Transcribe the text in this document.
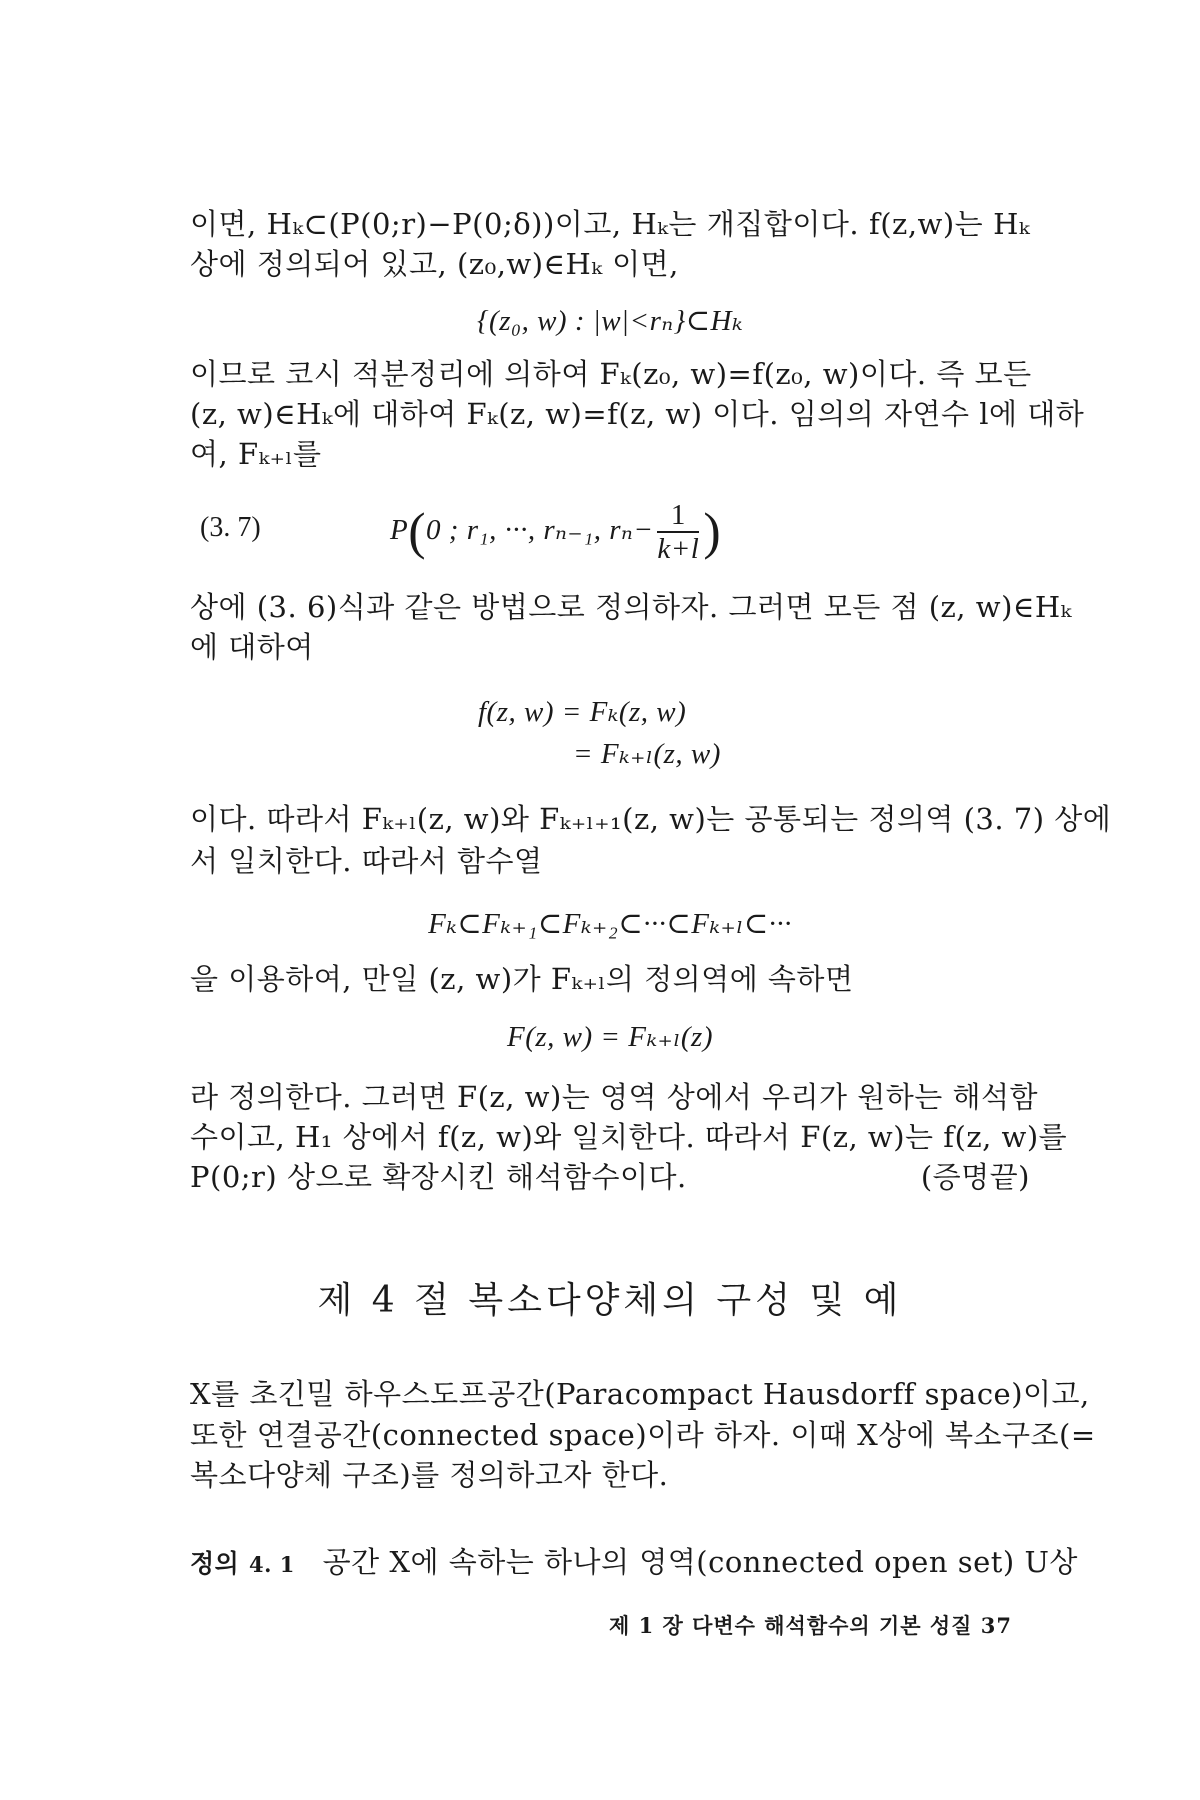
이면, Hₖ⊂(P(0;r)−P(0;δ))이고, Hₖ는 개집합이다. f(z,w)는 Hₖ
상에 정의되어 있고, (z₀,w)∈Hₖ 이면,
{(z₀, w) : |w|<rₙ}⊂Hₖ
이므로 코시 적분정리에 의하여 Fₖ(z₀, w)=f(z₀, w)이다. 즉 모든
(z, w)∈Hₖ에 대하여 Fₖ(z, w)=f(z, w) 이다. 임의의 자연수 l에 대하
여, Fₖ₊ₗ를
(3. 7)	P(0 ; r₁, ···, rₙ₋₁, $r_n- \frac{1}{k+l}$ )
상에 (3. 6)식과 같은 방법으로 정의하자. 그러면 모든 점 (z, w)∈Hₖ
에 대하여
f(z, w) = Fₖ(z, w)
= Fₖ₊ₗ(z, w)
이다. 따라서 Fₖ₊ₗ(z, w)와 Fₖ₊ₗ₊₁(z, w)는 공통되는 정의역 (3. 7) 상에
서 일치한다. 따라서 함수열
Fₖ⊂Fₖ₊₁⊂Fₖ₊₂⊂···⊂Fₖ₊ₗ⊂···
을 이용하여, 만일 (z, w)가 Fₖ₊ₗ의 정의역에 속하면
F(z, w) = Fₖ₊ₗ(z)
라 정의한다. 그러면 F(z, w)는 영역 상에서 우리가 원하는 해석함
수이고, H₁ 상에서 f(z, w)와 일치한다. 따라서 F(z, w)는 f(z, w)를
P(0;r) 상으로 확장시킨 해석함수이다.	(증명끝)
제 4 절 복소다양체의 구성 및 예
X를 초긴밀 하우스도프공간(Paracompact Hausdorff space)이고,
또한 연결공간(connected space)이라 하자. 이때 X상에 복소구조(=
복소다양체 구조)를 정의하고자 한다.
정의 4. 1 공간 X에 속하는 하나의 영역(connected open set) U상
제 1 장 다변수 해석함수의 기본 성질 37
